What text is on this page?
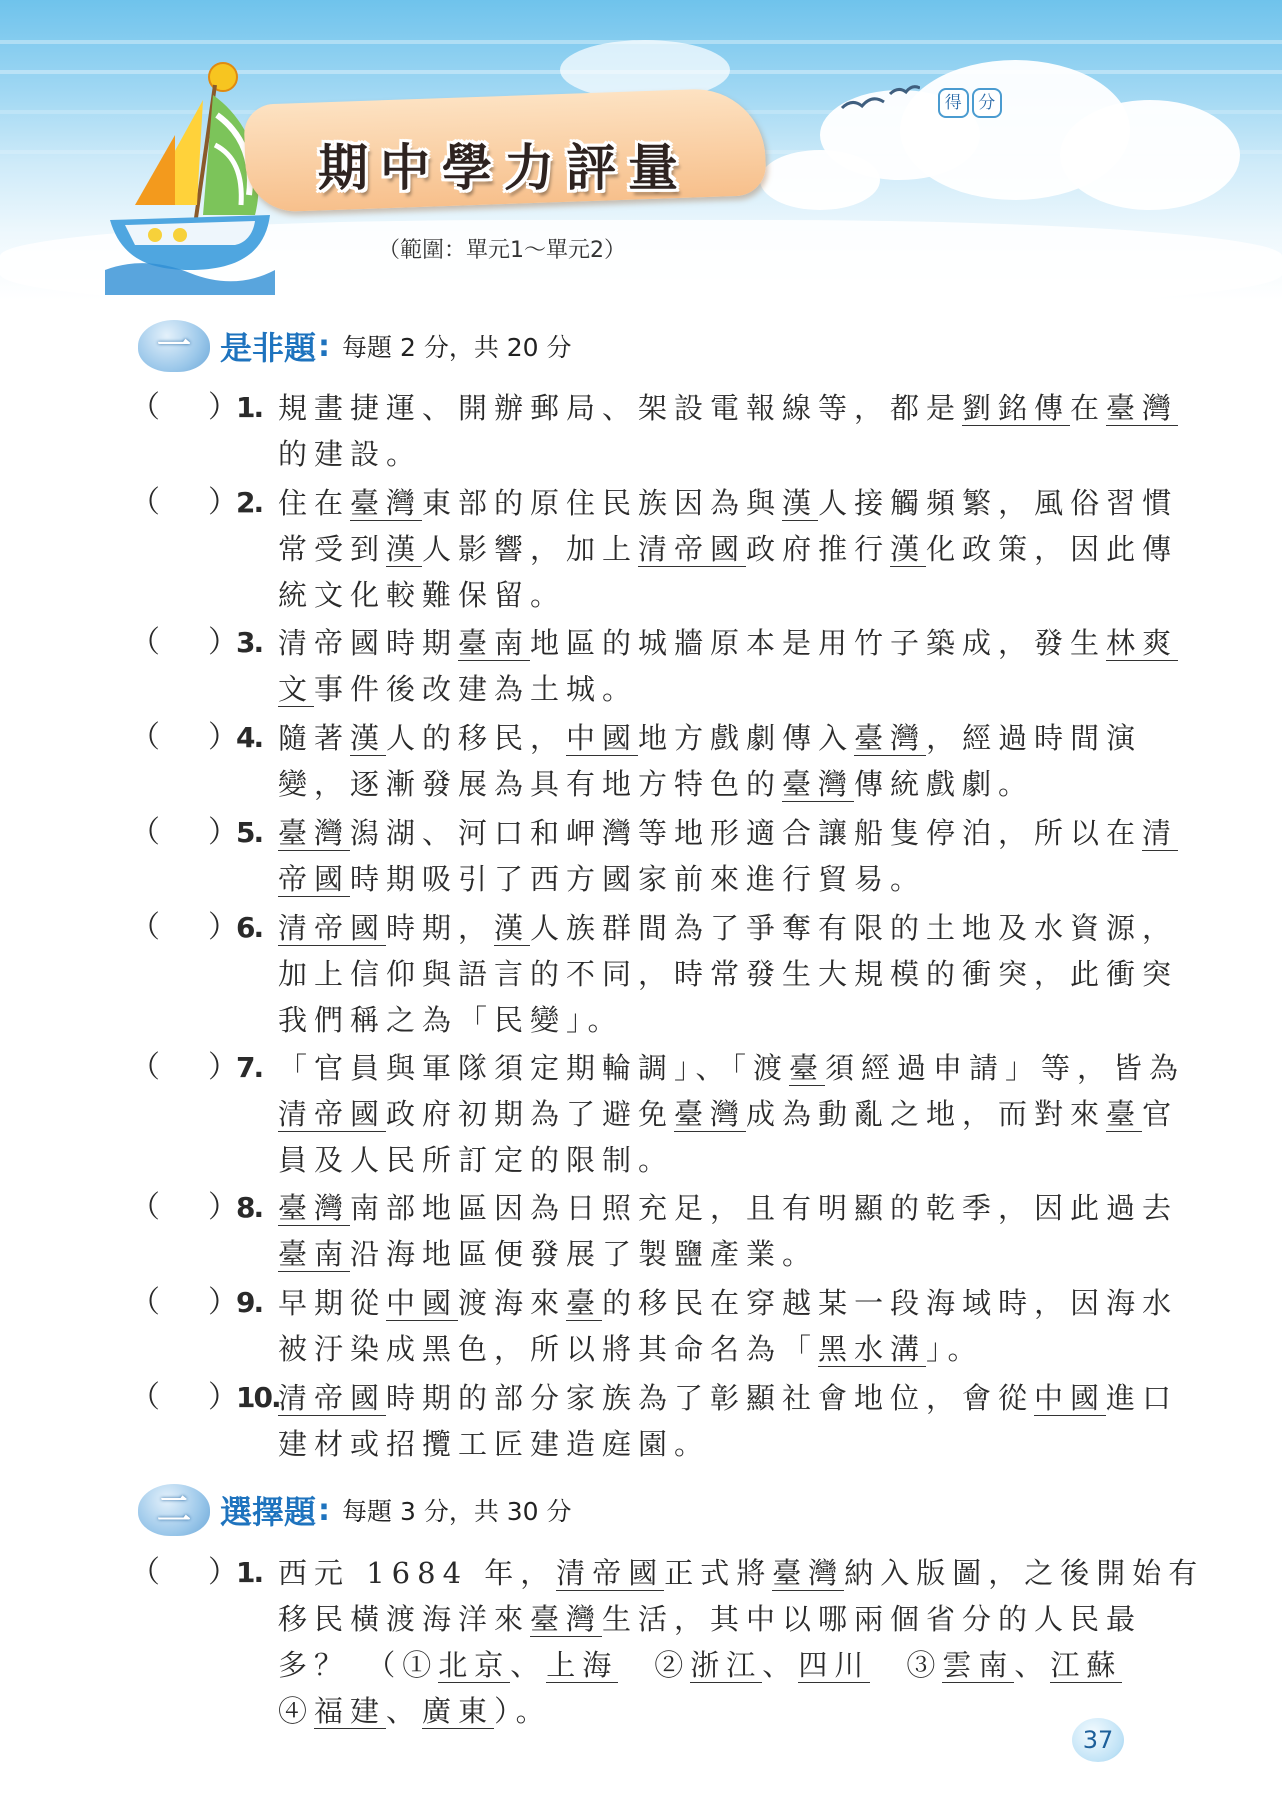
期中學力評量
（範圍：單元1～單元2）
得 分
一 是非題 : 每題 2 分，共 20 分
（ ）
1. 規畫捷運、開辦郵局、架設電報線等，都是劉銘傳在臺灣
的建設。
（ ）
2. 住在臺灣東部的原住民族因為與漢人接觸頻繁，風俗習慣
常受到漢人影響，加上清帝國政府推行漢化政策，因此傳
統文化較難保留。
（ ）
3. 清帝國時期臺南地區的城牆原本是用竹子築成，發生林爽
文事件後改建為土城。
（ ）
4. 隨著漢人的移民，中國地方戲劇傳入臺灣，經過時間演
變，逐漸發展為具有地方特色的臺灣傳統戲劇。
（ ）
5. 臺灣潟湖、河口和岬灣等地形適合讓船隻停泊，所以在清
帝國時期吸引了西方國家前來進行貿易。
（ ）
6. 清帝國時期，漢人族群間為了爭奪有限的土地及水資源，
加上信仰與語言的不同，時常發生大規模的衝突，此衝突
我們稱之為「民變」。
（ ）
7. 「官員與軍隊須定期輪調」、「渡臺須經過申請」等，皆為
清帝國政府初期為了避免臺灣成為動亂之地，而對來臺官
員及人民所訂定的限制。
（ ）
8. 臺灣南部地區因為日照充足，且有明顯的乾季，因此過去
臺南沿海地區便發展了製鹽產業。
（ ）
9. 早期從中國渡海來臺的移民在穿越某一段海域時，因海水
被汙染成黑色，所以將其命名為「黑水溝」。
（ ）
10.
清帝國時期的部分家族為了彰顯社會地位，會從中國進口
建材或招攬工匠建造庭園。
二 選擇題 : 每題 3 分，共 30 分
（ ）
1. 西元 1684 年，清帝國正式將臺灣納入版圖，之後開始有
移民橫渡海洋來臺灣生活，其中以哪兩個省分的人民最
多？ （①北京、上海　②浙江、四川　③雲南、江蘇
④福建、廣東）。
37
